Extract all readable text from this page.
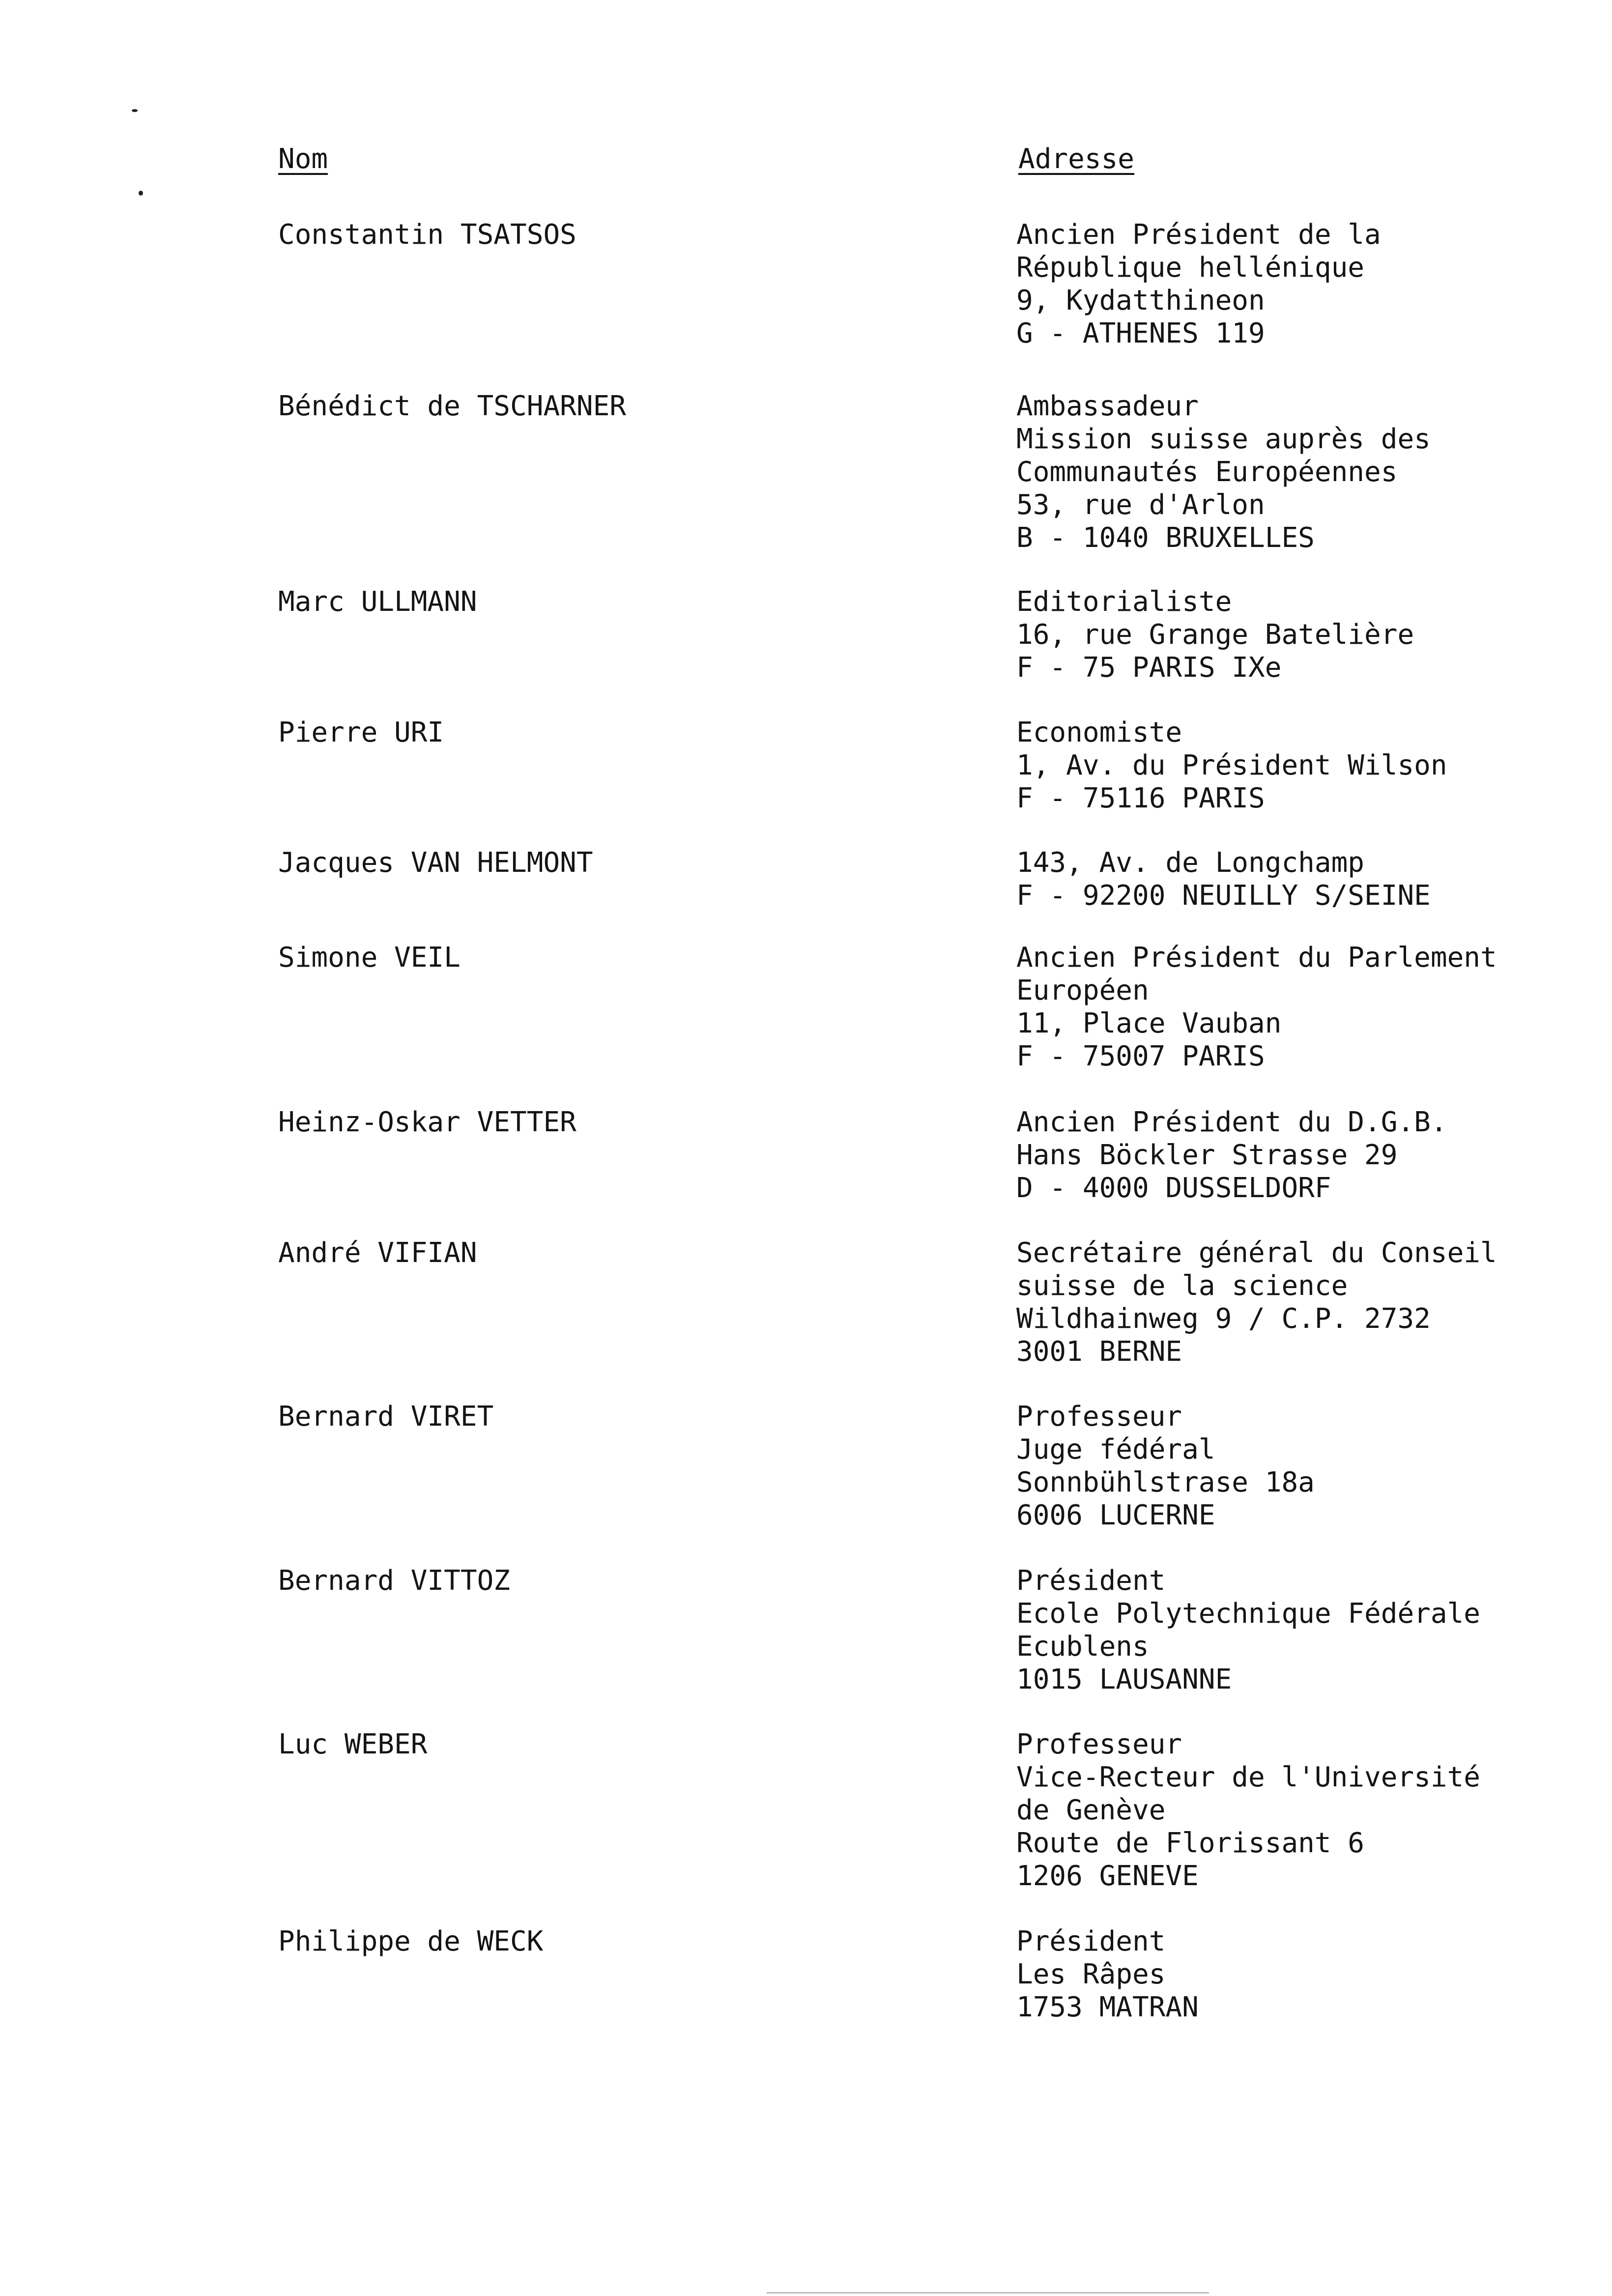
Nom	Adresse
Constantin TSATSOS	Ancien Président de la
République hellénique
9, Kydatthineon
G - ATHENES 119
Bénédict de TSCHARNER	Ambassadeur
Mission suisse auprès des
Communautés Européennes
53, rue d'Arlon
B - 1040 BRUXELLES
Marc ULLMANN	Editorialiste
16, rue Grange Batelière
F - 75 PARIS IXe
Pierre URI	Economiste
1, Av. du Président Wilson
F - 75116 PARIS
Jacques VAN HELMONT	143, Av. de Longchamp
F - 92200 NEUILLY S/SEINE
Simone VEIL	Ancien Président du Parlement
Européen
11, Place Vauban
F - 75007 PARIS
Heinz-Oskar VETTER	Ancien Président du D.G.B.
Hans Böckler Strasse 29
D - 4000 DUSSELDORF
André VIFIAN	Secrétaire général du Conseil
suisse de la science
Wildhainweg 9 / C.P. 2732
3001 BERNE
Bernard VIRET	Professeur
Juge fédéral
Sonnbühlstrase 18a
6006 LUCERNE
Bernard VITTOZ	Président
Ecole Polytechnique Fédérale
Ecublens
1015 LAUSANNE
Luc WEBER	Professeur
Vice-Recteur de l'Université
de Genève
Route de Florissant 6
1206 GENEVE
Philippe de WECK	Président
Les Râpes
1753 MATRAN
